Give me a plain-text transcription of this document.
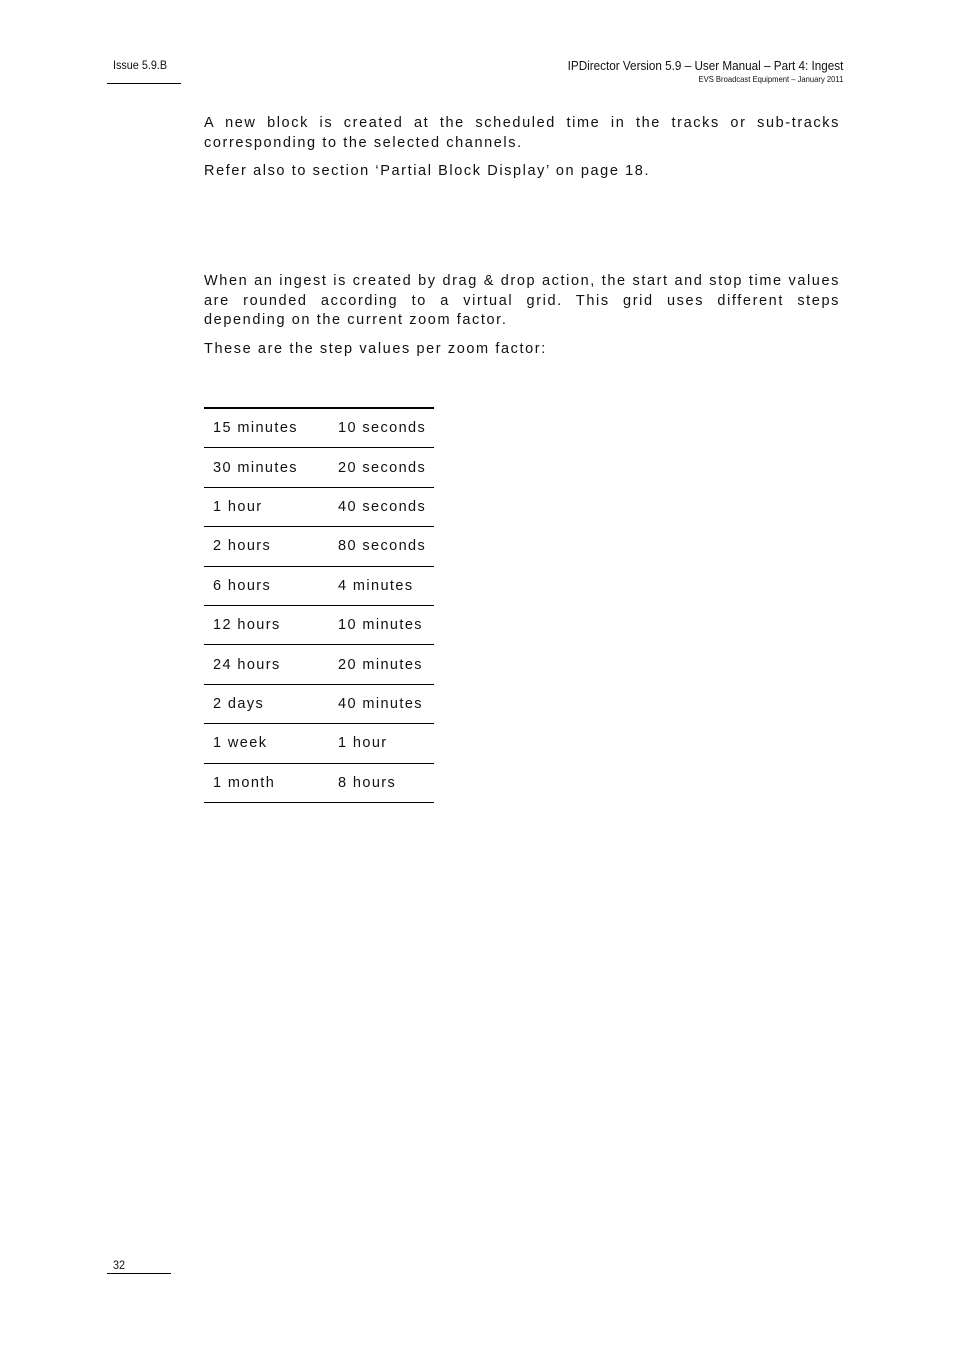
Issue 5.9.B	IPDirector Version 5.9 – User Manual – Part 4: Ingest
EVS Broadcast Equipment – January 2011

A new block is created at the scheduled time in the tracks or sub-tracks corresponding to the selected channels.

Refer also to section ‘Partial Block Display’ on page 18.

When an ingest is created by drag & drop action, the start and stop time values are rounded according to a virtual grid. This grid uses different steps depending on the current zoom factor.

These are the step values per zoom factor:

15 minutes	10 seconds
30 minutes	20 seconds
1 hour	40 seconds
2 hours	80 seconds
6 hours	4 minutes
12 hours	10 minutes
24 hours	20 minutes
2 days	40 minutes
1 week	1 hour
1 month	8 hours
32
